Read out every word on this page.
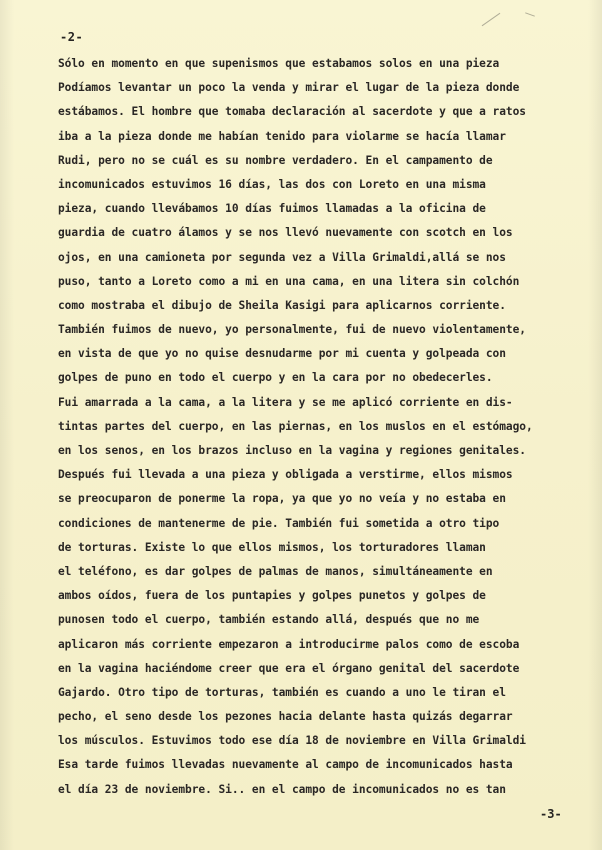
-2-
Sólo en momento en que supenismos que estabamos solos en una pieza
Podíamos levantar un poco la venda y mirar el lugar de la pieza donde
estábamos. El hombre que tomaba declaración al sacerdote y que a ratos
iba a la pieza donde me habían tenido para violarme se hacía llamar
Rudi, pero no se cuál es su nombre verdadero. En el campamento de
incomunicados estuvimos 16 días, las dos con Loreto en una misma
pieza, cuando llevábamos 10 días fuimos llamadas a la oficina de
guardia de cuatro álamos y se nos llevó nuevamente con scotch en los
ojos, en una camioneta por segunda vez a Villa Grimaldi,allá se nos
puso, tanto a Loreto como a mi en una cama, en una litera sin colchón
como mostraba el dibujo de Sheila Kasigi para aplicarnos corriente.
También fuimos de nuevo, yo personalmente, fui de nuevo violentamente,
en vista de que yo no quise desnudarme por mi cuenta y golpeada con
golpes de puno en todo el cuerpo y en la cara por no obedecerles.
Fui amarrada a la cama, a la litera y se me aplicó corriente en dis-
tintas partes del cuerpo, en las piernas, en los muslos en el estómago,
en los senos, en los brazos incluso en la vagina y regiones genitales.
Después fui llevada a una pieza y obligada a verstirme, ellos mismos
se preocuparon de ponerme la ropa, ya que yo no veía y no estaba en
condiciones de mantenerme de pie. También fui sometida a otro tipo
de torturas. Existe lo que ellos mismos, los torturadores llaman
el teléfono, es dar golpes de palmas de manos, simultáneamente en
ambos oídos, fuera de los puntapies y golpes punetos y golpes de
punosen todo el cuerpo, también estando allá, después que no me
aplicaron más corriente empezaron a introducirme palos como de escoba
en la vagina haciéndome creer que era el órgano genital del sacerdote
Gajardo. Otro tipo de torturas, también es cuando a uno le tiran el
pecho, el seno desde los pezones hacia delante hasta quizás degarrar
los músculos. Estuvimos todo ese día 18 de noviembre en Villa Grimaldi
Esa tarde fuimos llevadas nuevamente al campo de incomunicados hasta
el día 23 de noviembre. Si.. en el campo de incomunicados no es tan
-3-
